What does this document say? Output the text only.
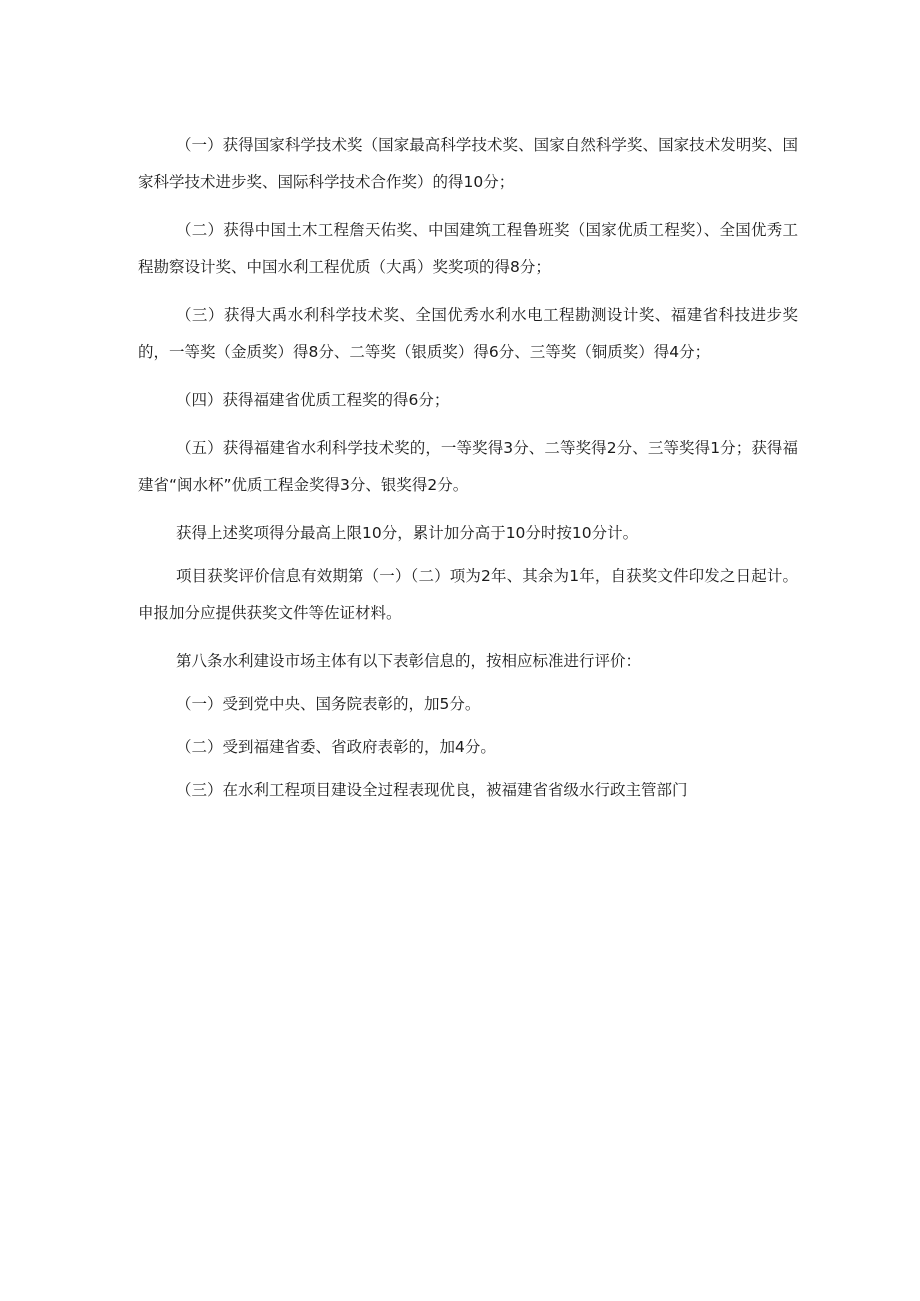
（一）获得国家科学技术奖（国家最高科学技术奖、国家自然科学奖、国家技术发明奖、国家科学技术进步奖、国际科学技术合作奖）的得10分；

（二）获得中国土木工程詹天佑奖、中国建筑工程鲁班奖（国家优质工程奖）、全国优秀工程勘察设计奖、中国水利工程优质（大禹）奖奖项的得8分；

（三）获得大禹水利科学技术奖、全国优秀水利水电工程勘测设计奖、福建省科技进步奖的，一等奖（金质奖）得8分、二等奖（银质奖）得6分、三等奖（铜质奖）得4分；

（四）获得福建省优质工程奖的得6分；

（五）获得福建省水利科学技术奖的，一等奖得3分、二等奖得2分、三等奖得1分；获得福建省“闽水杯”优质工程金奖得3分、银奖得2分。

获得上述奖项得分最高上限10分，累计加分高于10分时按10分计。

项目获奖评价信息有效期第（一）（二）项为2年、其余为1年，自获奖文件印发之日起计。申报加分应提供获奖文件等佐证材料。

第八条水利建设市场主体有以下表彰信息的，按相应标准进行评价：

（一）受到党中央、国务院表彰的，加5分。

（二）受到福建省委、省政府表彰的，加4分。

（三）在水利工程项目建设全过程表现优良，被福建省省级水行政主管部门
